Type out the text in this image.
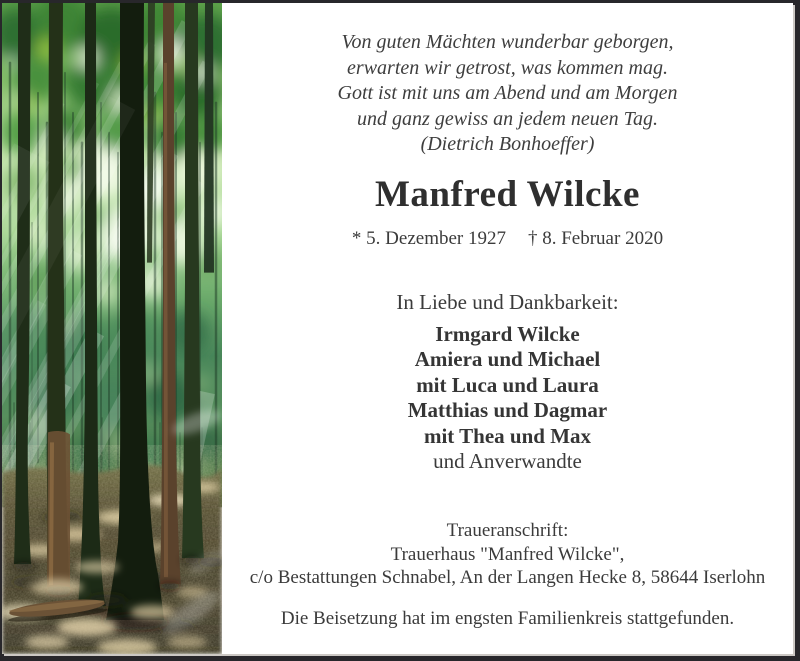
Von guten Mächten wunderbar geborgen,
erwarten wir getrost, was kommen mag.
Gott ist mit uns am Abend und am Morgen
und ganz gewiss an jedem neuen Tag.
(Dietrich Bonhoeffer)
Manfred Wilcke
* 5. Dezember 1927 † 8. Februar 2020
In Liebe und Dankbarkeit:
Irmgard Wilcke
Amiera und Michael
mit Luca und Laura
Matthias und Dagmar
mit Thea und Max
und Anverwandte
Traueranschrift:
Trauerhaus "Manfred Wilcke",
c/o Bestattungen Schnabel, An der Langen Hecke 8, 58644 Iserlohn
Die Beisetzung hat im engsten Familienkreis stattgefunden.
